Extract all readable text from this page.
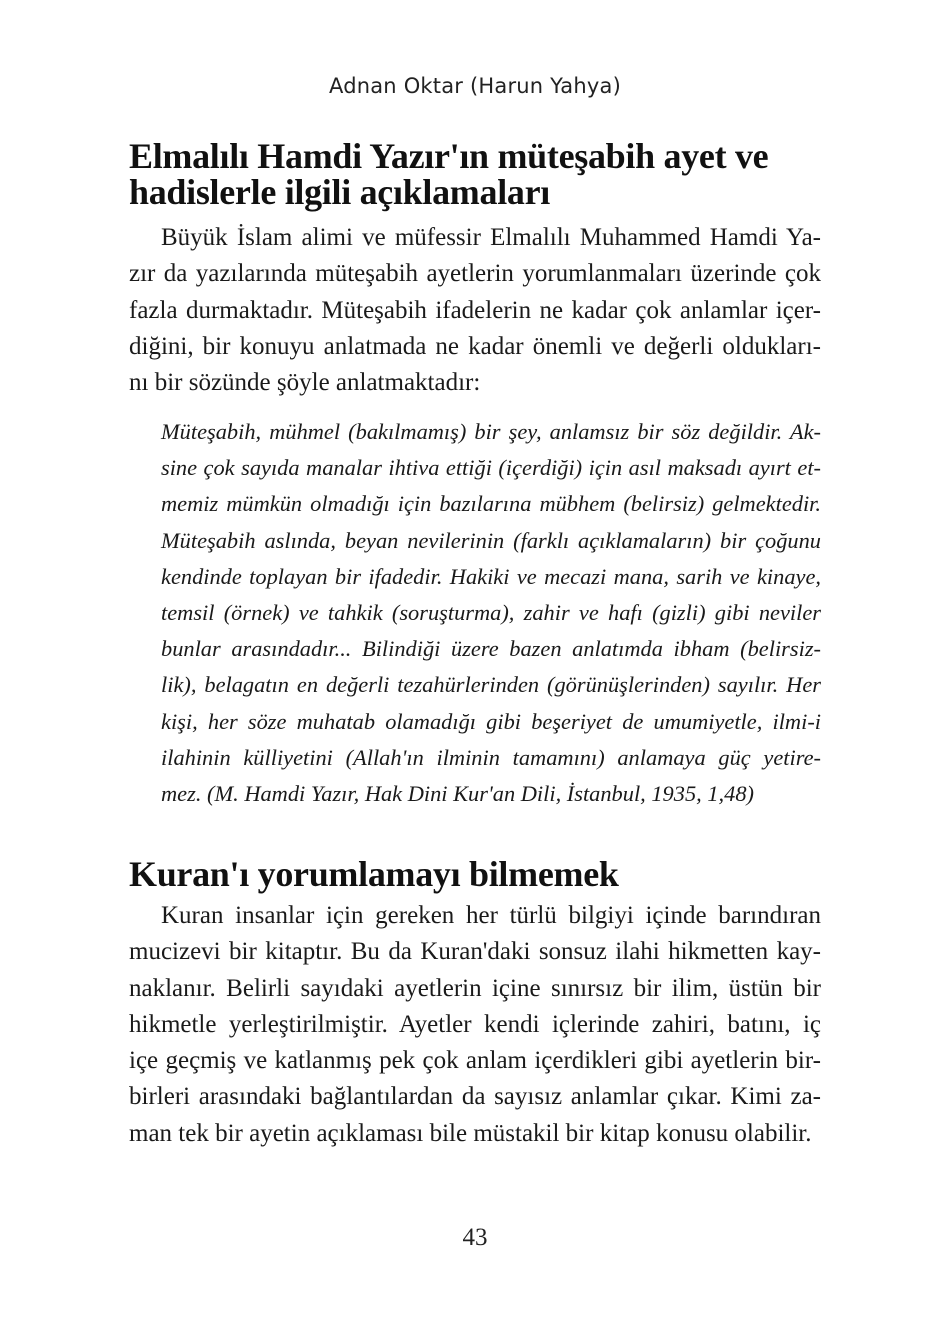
Adnan Oktar (Harun Yahya)
Elmalılı Hamdi Yazır'ın müteşabih ayet ve
hadislerle ilgili açıklamaları

Büyük İslam alimi ve müfessir Elmalılı Muhammed Hamdi Ya-
zır da yazılarında müteşabih ayetlerin yorumlanmaları üzerinde çok
fazla durmaktadır. Müteşabih ifadelerin ne kadar çok anlamlar içer-
diğini, bir konuyu anlatmada ne kadar önemli ve değerli oldukları-
nı bir sözünde şöyle anlatmaktadır:

Müteşabih, mühmel (bakılmamış) bir şey, anlamsız bir söz değildir. Ak-
sine çok sayıda manalar ihtiva ettiği (içerdiği) için asıl maksadı ayırt et-
memiz mümkün olmadığı için bazılarına mübhem (belirsiz) gelmektedir.
Müteşabih aslında, beyan nevilerinin (farklı açıklamaların) bir çoğunu
kendinde toplayan bir ifadedir. Hakiki ve mecazi mana, sarih ve kinaye,
temsil (örnek) ve tahkik (soruşturma), zahir ve hafı (gizli) gibi neviler
bunlar arasındadır... Bilindiği üzere bazen anlatımda ibham (belirsiz-
lik), belagatın en değerli tezahürlerinden (görünüşlerinden) sayılır. Her
kişi, her söze muhatab olamadığı gibi beşeriyet de umumiyetle, ilmi-i
ilahinin külliyetini (Allah'ın ilminin tamamını) anlamaya güç yetire-
mez. (M. Hamdi Yazır, Hak Dini Kur'an Dili, İstanbul, 1935, 1,48)
Kuran'ı yorumlamayı bilmemek

Kuran insanlar için gereken her türlü bilgiyi içinde barındıran
mucizevi bir kitaptır. Bu da Kuran'daki sonsuz ilahi hikmetten kay-
naklanır. Belirli sayıdaki ayetlerin içine sınırsız bir ilim, üstün bir
hikmetle yerleştirilmiştir. Ayetler kendi içlerinde zahiri, batını, iç
içe geçmiş ve katlanmış pek çok anlam içerdikleri gibi ayetlerin bir-
birleri arasındaki bağlantılardan da sayısız anlamlar çıkar. Kimi za-
man tek bir ayetin açıklaması bile müstakil bir kitap konusu olabilir.

43
